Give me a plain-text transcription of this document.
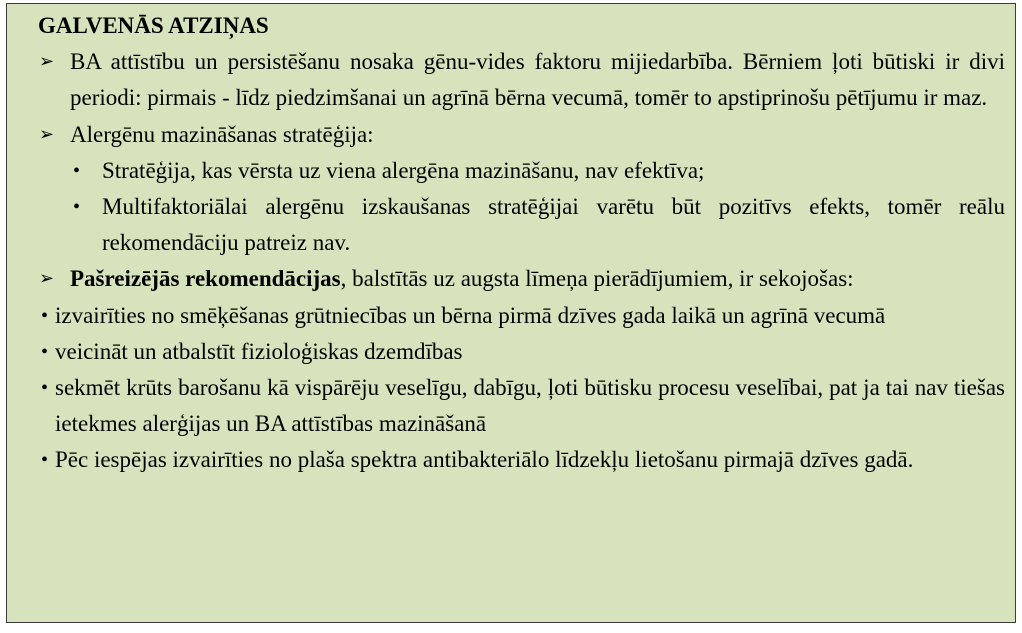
GALVENĀS ATZIŅAS
➢ BA attīstību un persistēšanu nosaka gēnu-vides faktoru mijiedarbība. Bērniem ļoti būtiski ir divi periodi: pirmais - līdz piedzimšanai un agrīnā bērna vecumā, tomēr to apstiprinošu pētījumu ir maz.
➢ Alergēnu mazināšanas stratēģija:
• Stratēģija, kas vērsta uz viena alergēna mazināšanu, nav efektīva;
• Multifaktoriālai alergēnu izskaušanas stratēģijai varētu būt pozitīvs efekts, tomēr reālu rekomendāciju patreiz nav.
➢ Pašreizējās rekomendācijas, balstītās uz augsta līmeņa pierādījumiem, ir sekojošas:
• izvairīties no smēķēšanas grūtniecības un bērna pirmā dzīves gada laikā un agrīnā vecumā
• veicināt un atbalstīt fizioloģiskas dzemdības
• sekmēt krūts barošanu kā vispārēju veselīgu, dabīgu, ļoti būtisku procesu veselībai, pat ja tai nav tiešas ietekmes alerģijas un BA attīstības mazināšanā
• Pēc iespējas izvairīties no plaša spektra antibakteriālo līdzekļu lietošanu pirmajā dzīves gadā.
